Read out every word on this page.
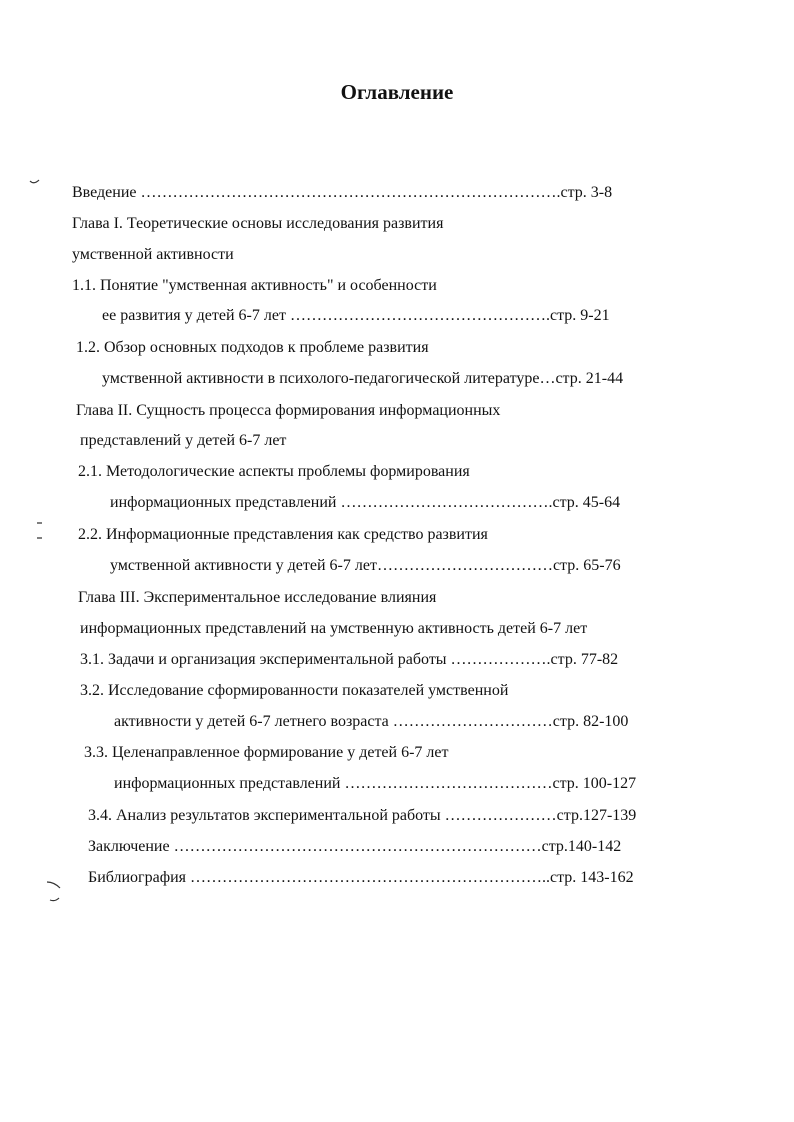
Оглавление
Введение …………………………………………………………………….стр. 3-8
Глава I. Теоретические основы исследования развития
умственной активности
1.1. Понятие "умственная активность" и особенности
ее развития у детей 6-7 лет ………………………………………….стр. 9-21
1.2. Обзор основных подходов к проблеме развития
умственной активности в психолого-педагогической литературе…стр. 21-44
Глава II. Сущность процесса формирования информационных
представлений у детей 6-7 лет
2.1. Методологические аспекты проблемы формирования
информационных представлений ………………………………….стр. 45-64
2.2. Информационные представления как средство развития
умственной активности у детей 6-7 лет……………………………стр. 65-76
Глава III. Экспериментальное исследование влияния
информационных представлений на умственную активность детей 6-7 лет
3.1. Задачи и организация экспериментальной работы ……………….стр. 77-82
3.2. Исследование сформированности показателей умственной
активности у детей 6-7 летнего возраста …………………………стр. 82-100
3.3. Целенаправленное формирование у детей 6-7 лет
информационных представлений …………………………………стр. 100-127
3.4. Анализ результатов экспериментальной работы …………………стр.127-139
Заключение ……………………………………………………………стр.140-142
Библиография …………………………………………………………..стр. 143-162
